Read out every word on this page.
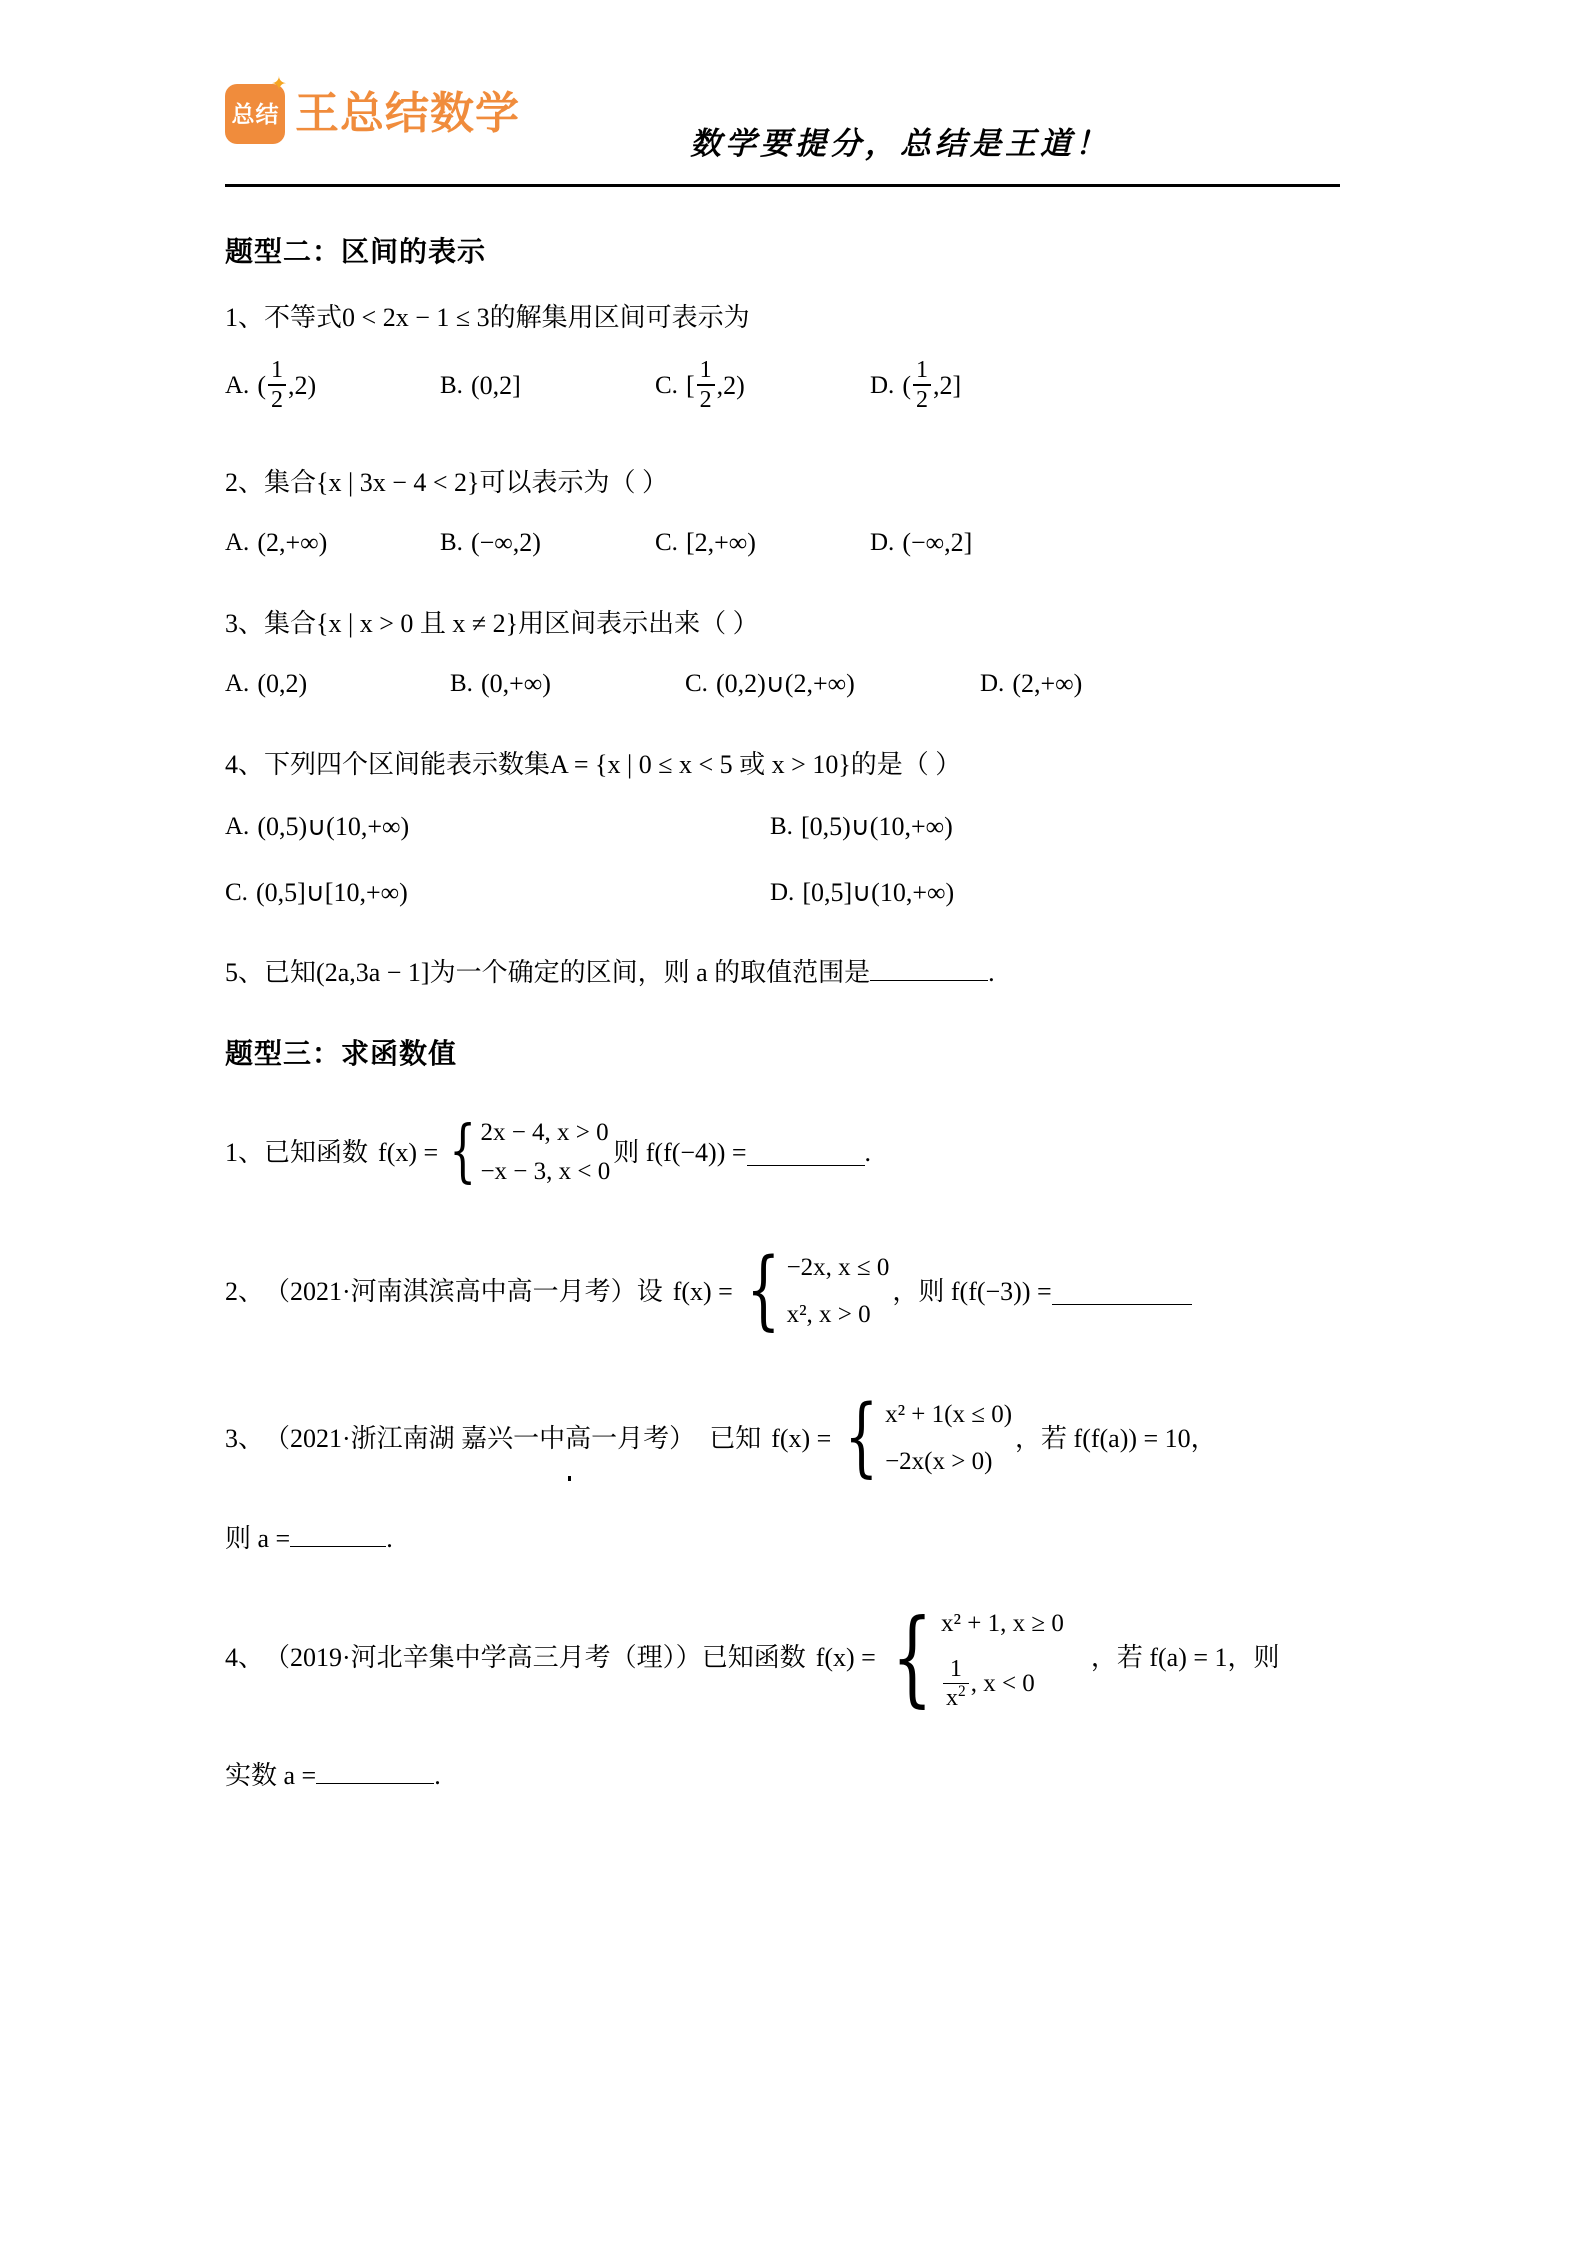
✦
总 结 王总结数学
数学要提分，总结是王道！
题型二：区间的表示
1、不等式0 < 2x − 1 ≤ 3的解集用区间可表示为
A. ( $\frac{1}{2} ,2$)	B. (0,2]	C. [ $\frac{1}{2} ,2$)	D. ( $\frac{1}{2} ,2$]
2、集合{x | 3x − 4 < 2}可以表示为（ ）
A. (2,+∞)	B. (−∞,2)	C. [2,+∞)	D. (−∞,2]
3、集合{x | x > 0 且 x ≠ 2}用区间表示出来（ ）
A. (0,2)	B. (0,+∞)	C. (0,2)∪(2,+∞)	D. (2,+∞)
4、下列四个区间能表示数集A = {x | 0 ≤ x < 5 或 x > 10}的是（ ）
A. (0,5)∪(10,+∞)	B. [0,5)∪(10,+∞)
C. (0,5]∪[10,+∞)	D. [0,5]∪(10,+∞)
5、已知(2a,3a − 1]为一个确定的区间，则 a 的取值范围是	.
题型三：求函数值
1、 已知函数 f(x) = { 2x − 4, x > 0
−x − 3, x < 0
则 f(f(−4)) =	.
2、 （2021·河南淇滨高中高一月考） 设 f(x) = { −2x, x ≤ 0
x², x > 0
，则 f(f(−3)) =
3、 （2021·浙江南湖 嘉兴一中高一月考） 已知 f(x) = { x² + 1(x ≤ 0)
−2x(x > 0)
，若 f(f(a)) = 10，
则 a =	.
4、 （2019·河北辛集中学高三月考（理）） 已知函数 f(x) = { x² + 1, x ≥ 0
$\frac{1}{x^2}$ , x < 0
，若 f(a) = 1，则
实数 a =	.
